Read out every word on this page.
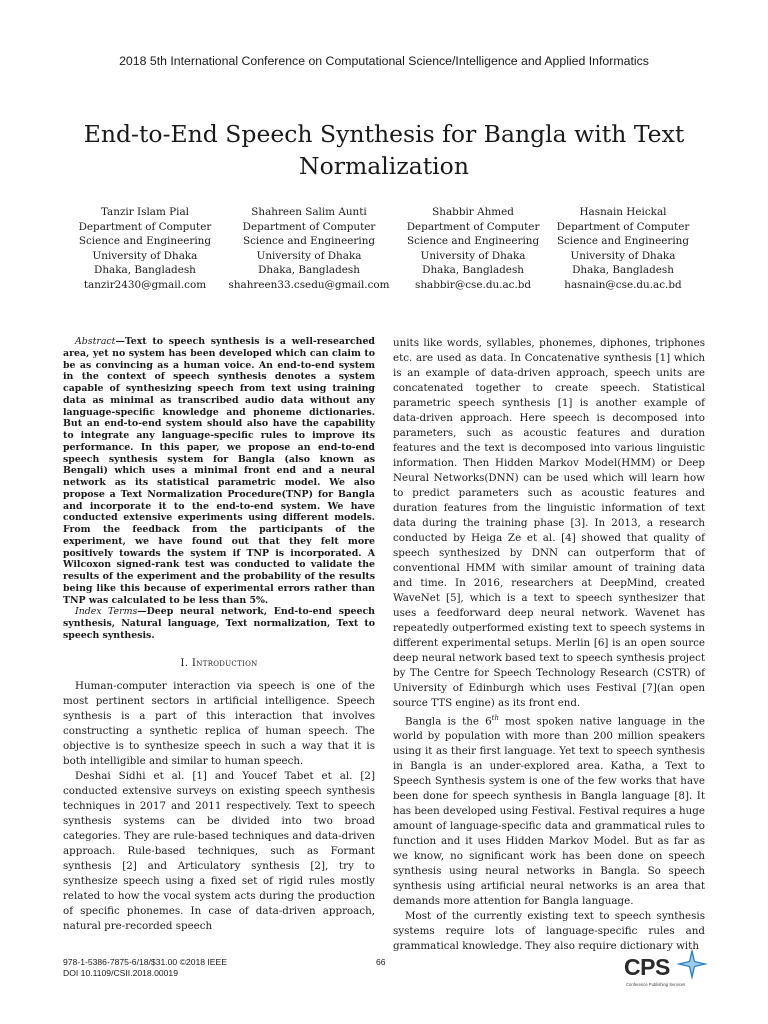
2018 5th International Conference on Computational Science/Intelligence and Applied Informatics
End-to-End Speech Synthesis for Bangla with Text
Normalization
Tanzir Islam Pial
Department of Computer
Science and Engineering
University of Dhaka
Dhaka, Bangladesh
tanzir2430@gmail.com
Shahreen Salim Aunti
Department of Computer
Science and Engineering
University of Dhaka
Dhaka, Bangladesh
shahreen33.csedu@gmail.com
Shabbir Ahmed
Department of Computer
Science and Engineering
University of Dhaka
Dhaka, Bangladesh
shabbir@cse.du.ac.bd
Hasnain Heickal
Department of Computer
Science and Engineering
University of Dhaka
Dhaka, Bangladesh
hasnain@cse.du.ac.bd

Abstract—Text to speech synthesis is a well-researched area, yet no system has been developed which can claim to be as convincing as a human voice. An end-to-end system in the context of speech synthesis denotes a system capable of synthesizing speech from text using training data as minimal as transcribed audio data without any language-specific knowledge and phoneme dictionaries. But an end-to-end system should also have the capability to integrate any language-specific rules to improve its performance. In this paper, we propose an end-to-end speech synthesis system for Bangla (also known as Bengali) which uses a minimal front end and a neural network as its statistical parametric model. We also propose a Text Normalization Procedure(TNP) for Bangla and incorporate it to the end-to-end system. We have conducted extensive experiments using different models. From the feedback from the participants of the experiment, we have found out that they felt more positively towards the system if TNP is incorporated. A Wilcoxon signed-rank test was conducted to validate the results of the experiment and the probability of the results being like this because of experimental errors rather than TNP was calculated to be less than 5%.

Index Terms—Deep neural network, End-to-end speech synthesis, Natural language, Text normalization, Text to speech synthesis.

I. Introduction

Human-computer interaction via speech is one of the most pertinent sectors in artificial intelligence. Speech synthesis is a part of this interaction that involves constructing a synthetic replica of human speech. The objective is to synthesize speech in such a way that it is both intelligible and similar to human speech.

Deshai Sidhi et al. [1] and Youcef Tabet et al. [2] conducted extensive surveys on existing speech synthesis techniques in 2017 and 2011 respectively. Text to speech synthesis systems can be divided into two broad categories. They are rule-based techniques and data-driven approach. Rule-based techniques, such as Formant synthesis [2] and Articulatory synthesis [2], try to synthesize speech using a fixed set of rigid rules mostly related to how the vocal system acts during the production of specific phonemes. In case of data-driven approach, natural pre-recorded speech

units like words, syllables, phonemes, diphones, triphones etc. are used as data. In Concatenative synthesis [1] which is an example of data-driven approach, speech units are concatenated together to create speech. Statistical parametric speech synthesis [1] is another example of data-driven approach. Here speech is decomposed into parameters, such as acoustic features and duration features and the text is decomposed into various linguistic information. Then Hidden Markov Model(HMM) or Deep Neural Networks(DNN) can be used which will learn how to predict parameters such as acoustic features and duration features from the linguistic information of text data during the training phase [3]. In 2013, a research conducted by Heiga Ze et al. [4] showed that quality of speech synthesized by DNN can outperform that of conventional HMM with similar amount of training data and time. In 2016, researchers at DeepMind, created WaveNet [5], which is a text to speech synthesizer that uses a feedforward deep neural network. Wavenet has repeatedly outperformed existing text to speech systems in different experimental setups. Merlin [6] is an open source deep neural network based text to speech synthesis project by The Centre for Speech Technology Research (CSTR) of University of Edinburgh which uses Festival [7](an open source TTS engine) as its front end.

Bangla is the 6th most spoken native language in the world by population with more than 200 million speakers using it as their first language. Yet text to speech synthesis in Bangla is an under-explored area. Katha, a Text to Speech Synthesis system is one of the few works that have been done for speech synthesis in Bangla language [8]. It has been developed using Festival. Festival requires a huge amount of language-specific data and grammatical rules to function and it uses Hidden Markov Model. But as far as we know, no significant work has been done on speech synthesis using neural networks in Bangla. So speech synthesis using artificial neural networks is an area that demands more attention for Bangla language.

Most of the currently existing text to speech synthesis systems require lots of language-specific rules and grammatical knowledge. They also require dictionary with

978-1-5386-7875-6/18/$31.00 ©2018 IEEE
DOI 10.1109/CSII.2018.00019
66	CPS
Conference Publishing Services
